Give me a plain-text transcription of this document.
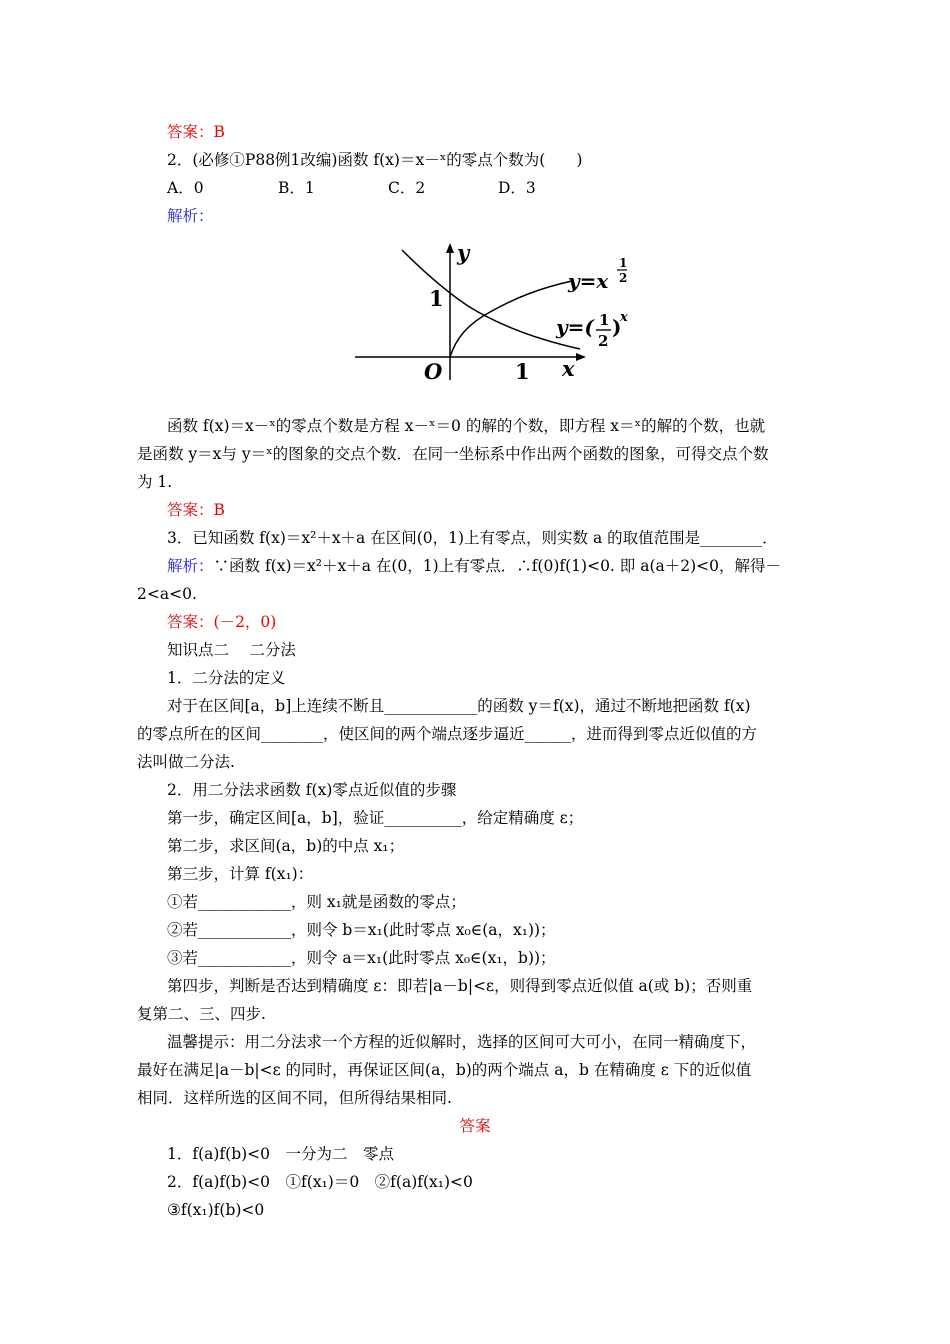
答案：B
2．(必修①P88例1改编)函数 f(x)＝x－ˣ的零点个数为(　　)
A．0	B．1	C．2	D．3
解析：
y
x
O	1
1
y=x
1
2
y=( 1
2
)
x
函数 f(x)＝x－ˣ的零点个数是方程 x－ˣ＝0 的解的个数，即方程 x＝ˣ的解的个数，也就
是函数 y＝x与 y＝ˣ的图象的交点个数．在同一坐标系中作出两个函数的图象，可得交点个数
为 1.
答案：B
3．已知函数 f(x)＝x²＋x＋a 在区间(0，1)上有零点，则实数 a 的取值范围是________．
解析：∵函数 f(x)＝x²＋x＋a 在(0，1)上有零点．∴f(0)f(1)<0. 即 a(a＋2)<0，解得－
2<a<0.
答案：(－2，0)
知识点二　 二分法
1．二分法的定义
对于在区间[a，b]上连续不断且____________的函数 y＝f(x)，通过不断地把函数 f(x)
的零点所在的区间________，使区间的两个端点逐步逼近______，进而得到零点近似值的方
法叫做二分法.
2．用二分法求函数 f(x)零点近似值的步骤
第一步，确定区间[a，b]，验证__________，给定精确度 ε；
第二步，求区间(a，b)的中点 x₁；
第三步，计算 f(x₁)：
①若____________，则 x₁就是函数的零点；
②若____________，则令 b＝x₁(此时零点 x₀∈(a，x₁))；
③若____________，则令 a＝x₁(此时零点 x₀∈(x₁，b))；
第四步，判断是否达到精确度 ε：即若|a－b|<ε，则得到零点近似值 a(或 b)；否则重
复第二、三、四步.
温馨提示：用二分法求一个方程的近似解时，选择的区间可大可小，在同一精确度下，
最好在满足|a－b|<ε 的同时，再保证区间(a，b)的两个端点 a，b 在精确度 ε 下的近似值
相同．这样所选的区间不同，但所得结果相同.
答案
1．f(a)f(b)<0　一分为二　零点
2．f(a)f(b)<0　①f(x₁)＝0　②f(a)f(x₁)<0
③f(x₁)f(b)<0
